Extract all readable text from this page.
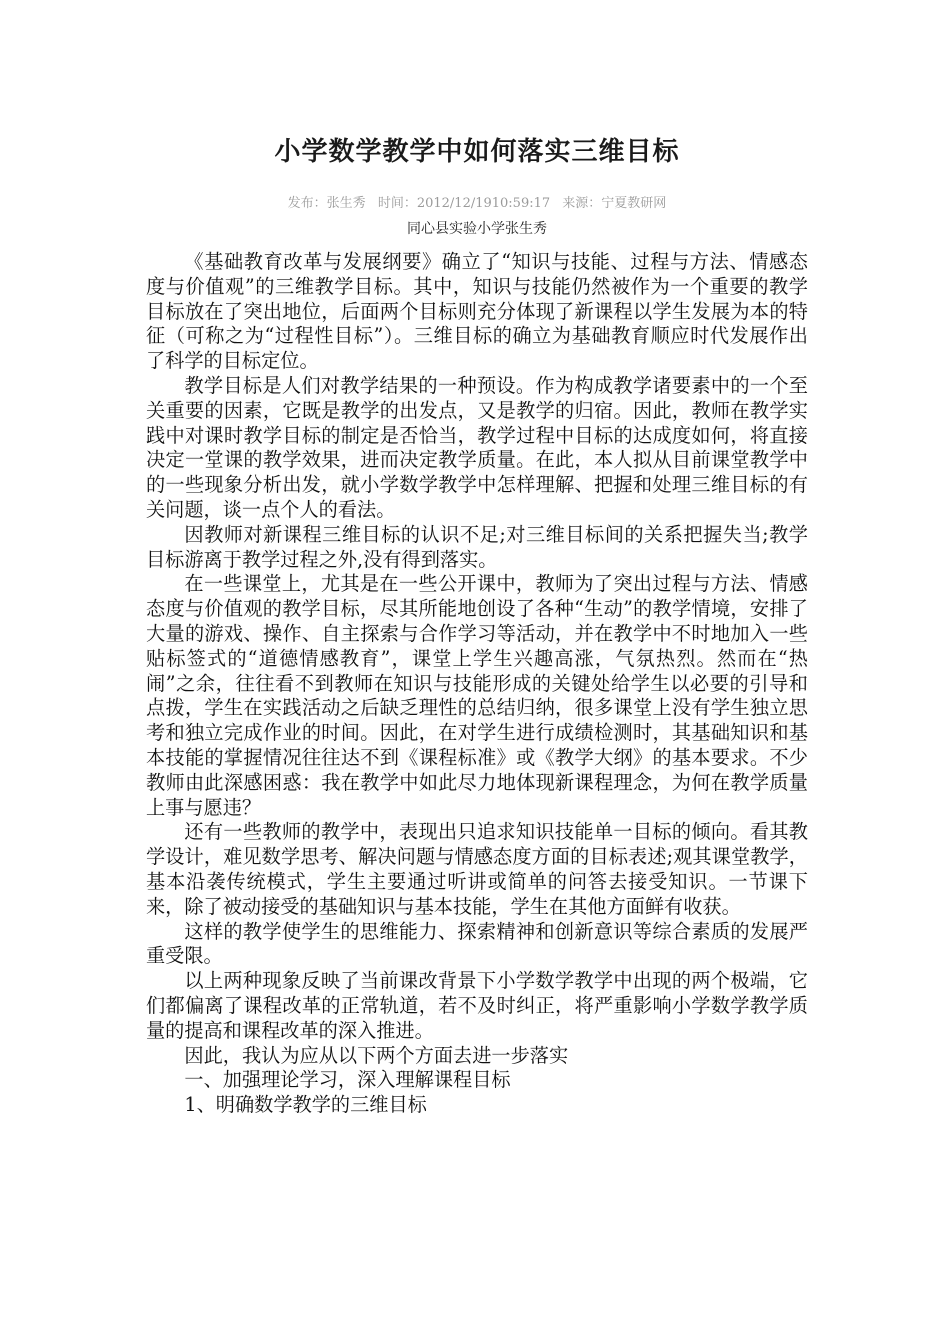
小学数学教学中如何落实三维目标
发布：张生秀 时间：2012/12/1910:59:17 来源：宁夏教研网
同心县实验小学张生秀

《基础教育改革与发展纲要》确立了“知识与技能、过程与方法、情感态度与价值观”的三维教学目标。其中，知识与技能仍然被作为一个重要的教学目标放在了突出地位，后面两个目标则充分体现了新课程以学生发展为本的特征（可称之为“过程性目标”）。三维目标的确立为基础教育顺应时代发展作出了科学的目标定位。

教学目标是人们对教学结果的一种预设。作为构成教学诸要素中的一个至关重要的因素，它既是教学的出发点，又是教学的归宿。因此，教师在教学实践中对课时教学目标的制定是否恰当，教学过程中目标的达成度如何，将直接决定一堂课的教学效果，进而决定教学质量。在此，本人拟从目前课堂教学中的一些现象分析出发，就小学数学教学中怎样理解、把握和处理三维目标的有关问题，谈一点个人的看法。

因教师对新课程三维目标的认识不足;对三维目标间的关系把握失当;教学目标游离于教学过程之外,没有得到落实。

在一些课堂上，尤其是在一些公开课中，教师为了突出过程与方法、情感态度与价值观的教学目标，尽其所能地创设了各种“生动”的教学情境，安排了大量的游戏、操作、自主探索与合作学习等活动，并在教学中不时地加入一些贴标签式的“道德情感教育”，课堂上学生兴趣高涨，气氛热烈。然而在“热闹”之余，往往看不到教师在知识与技能形成的关键处给学生以必要的引导和点拨，学生在实践活动之后缺乏理性的总结归纳，很多课堂上没有学生独立思考和独立完成作业的时间。因此，在对学生进行成绩检测时，其基础知识和基本技能的掌握情况往往达不到《课程标准》或《教学大纲》的基本要求。不少教师由此深感困惑：我在教学中如此尽力地体现新课程理念，为何在教学质量上事与愿违？

还有一些教师的教学中，表现出只追求知识技能单一目标的倾向。看其教学设计，难见数学思考、解决问题与情感态度方面的目标表述;观其课堂教学，基本沿袭传统模式，学生主要通过听讲或简单的问答去接受知识。一节课下来，除了被动接受的基础知识与基本技能，学生在其他方面鲜有收获。

这样的教学使学生的思维能力、探索精神和创新意识等综合素质的发展严重受限。

以上两种现象反映了当前课改背景下小学数学教学中出现的两个极端，它们都偏离了课程改革的正常轨道，若不及时纠正，将严重影响小学数学教学质量的提高和课程改革的深入推进。

因此，我认为应从以下两个方面去进一步落实

一、加强理论学习，深入理解课程目标

1、明确数学教学的三维目标
